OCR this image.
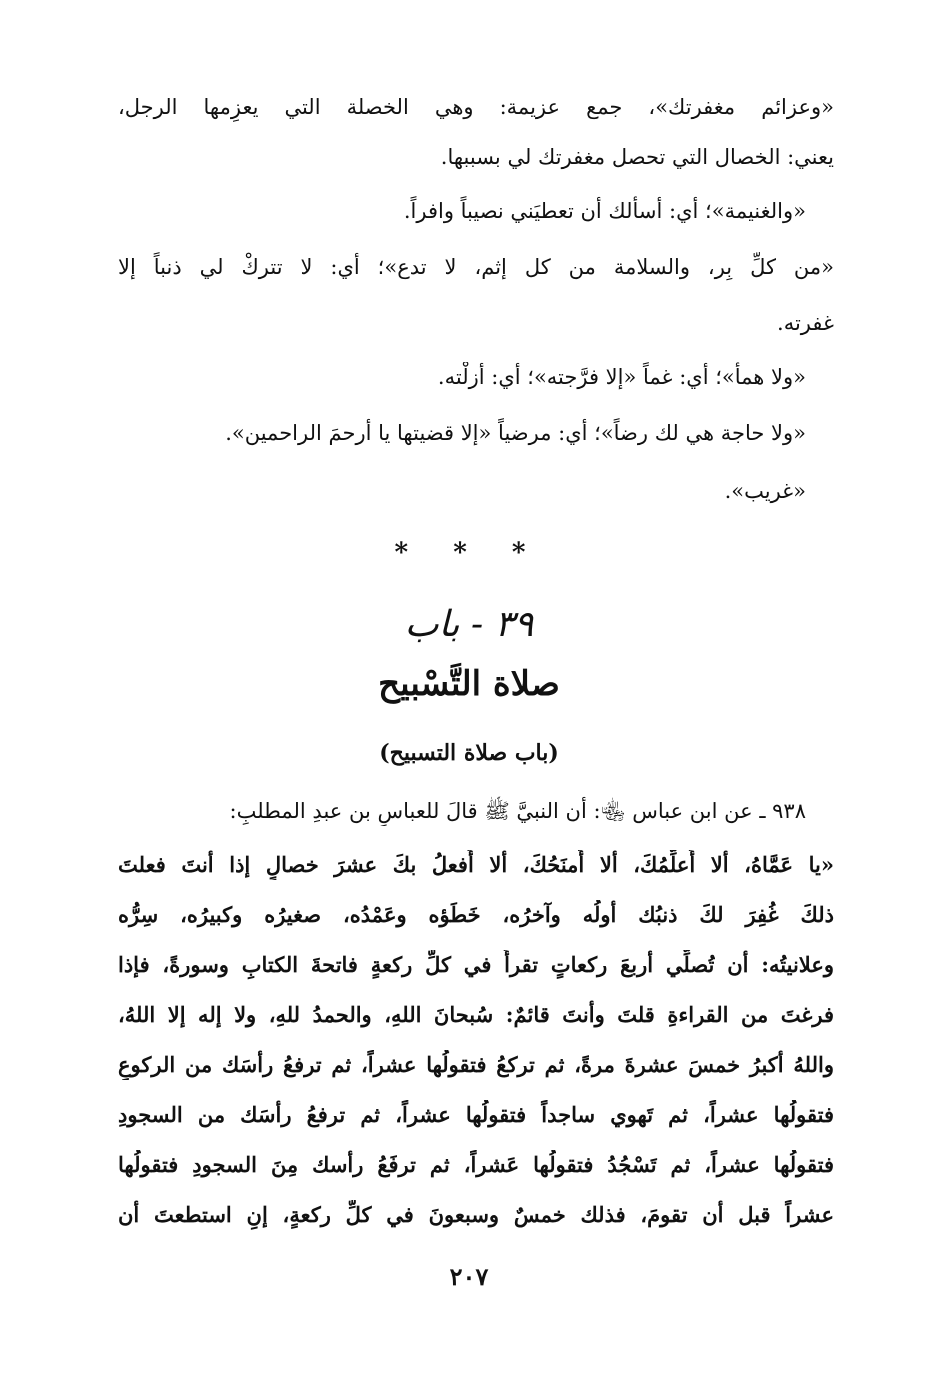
«وعزائم مغفرتك»، جمع عزيمة: وهي الخصلة التي يعزِمها الرجل،
يعني: الخصال التي تحصل مغفرتك لي بسببها.
«والغنيمة»؛ أي: أسألك أن تعطيَني نصيباً وافراً.
«من كلِّ بِر، والسلامة من كل إثم، لا تدع»؛ أي: لا تتركْ لي ذنباً إلا
غفرته.
«ولا همأ»؛ أي: غماً «إلا فرَّجته»؛ أي: أزلْته.
«ولا حاجة هي لك رضاً»؛ أي: مرضياً «إلا قضيتها يا أرحمَ الراحمين».
«غريب».
* * *
٣٩ - باب
صلاة التَّسْبيح
(باب صلاة التسبيح)
٩٣٨ ـ عن ابن عباس ﵄: أن النبيَّ ﷺ قالَ للعباسِ بن عبدِ المطلبِ:
«يا عَمَّاهُ، ألا أُعلِّمُكَ، ألا أَمنَحُكَ، ألا أَفعلُ بكَ عشرَ خصالٍ إذا أنتَ فعلتَ
ذلكَ غُفِرَ لكَ ذنبُك أولُه وآخرُه، خَطَؤه وعَمْدُه، صغيرُه وكبيرُه، سِرُّه
وعلانيتُه: أن تُصلِّي أربعَ ركعاتٍ تقرأُ في كلِّ ركعةٍ فاتحةَ الكتابِ وسورةً، فإذا
فرغتَ من القراءةِ قلتَ وأنتَ قائمٌ: سُبحانَ اللهِ، والحمدُ للهِ، ولا إله إلا اللهُ،
واللهُ أكبرُ خمسَ عشرةَ مرةً، ثم تركعُ فتقولُها عشراً، ثم ترفعُ رأسَك من الركوعِ
فتقولُها عشراً، ثم تَهوي ساجداً فتقولُها عشراً، ثم ترفعُ رأسَك من السجودِ
فتقولُها عشراً، ثم تَسْجُدُ فتقولُها عَشراً، ثم ترفَعُ رأسك مِنَ السجودِ فتقولُها
عشراً قبل أن تقومَ، فذلك خمسٌ وسبعونَ في كلِّ ركعةٍ، إنِ استطعتَ أن
٢٠٧
